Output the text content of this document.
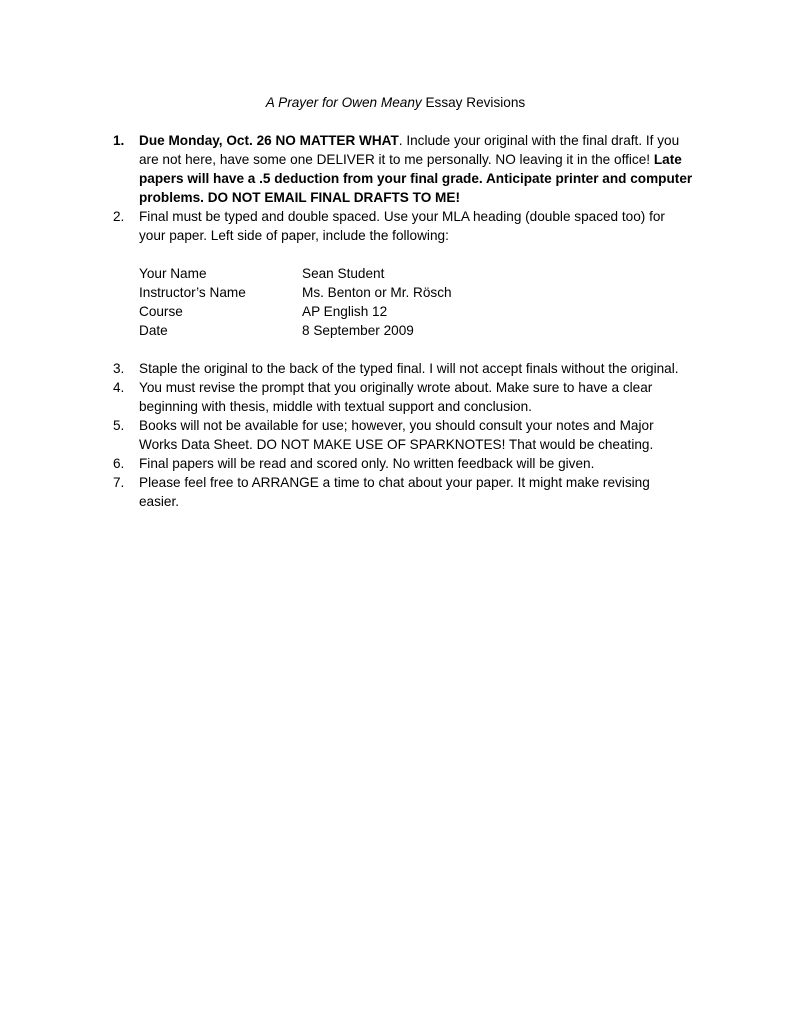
A Prayer for Owen Meany Essay Revisions
1.	Due Monday, Oct. 26 NO MATTER WHAT. Include your original with the final draft. If you are not here, have some one DELIVER it to me personally. NO leaving it in the office! Late papers will have a .5 deduction from your final grade. Anticipate printer and computer problems. DO NOT EMAIL FINAL DRAFTS TO ME!
2.	Final must be typed and double spaced. Use your MLA heading (double spaced too) for your paper. Left side of paper, include the following:
Your Name	Sean Student
Instructor’s Name	Ms. Benton or Mr. Rösch
Course	AP English 12
Date	8 September 2009
3.	Staple the original to the back of the typed final. I will not accept finals without the original.
4.	You must revise the prompt that you originally wrote about. Make sure to have a clear beginning with thesis, middle with textual support and conclusion.
5.	Books will not be available for use; however, you should consult your notes and Major Works Data Sheet. DO NOT MAKE USE OF SPARKNOTES! That would be cheating.
6.	Final papers will be read and scored only. No written feedback will be given.
7.	Please feel free to ARRANGE a time to chat about your paper. It might make revising easier.
